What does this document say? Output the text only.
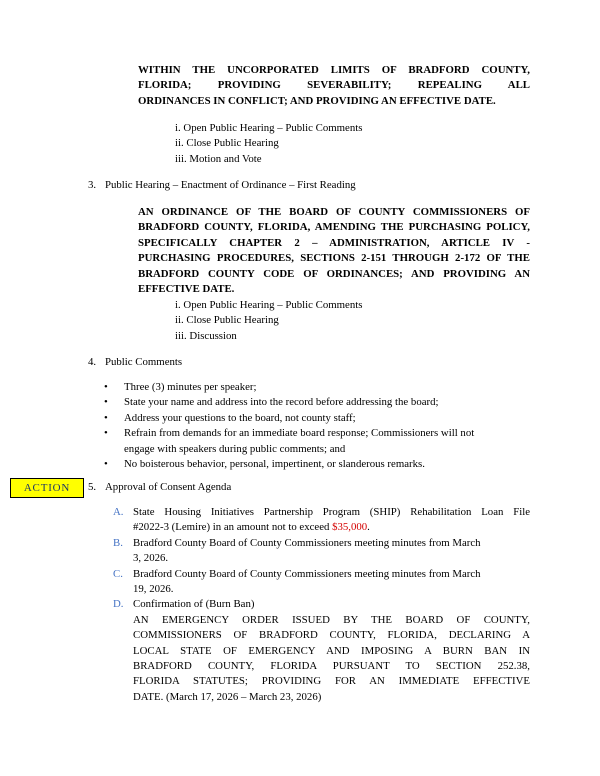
WITHIN THE UNCORPORATED LIMITS OF BRADFORD COUNTY,
FLORIDA; PROVIDING SEVERABILITY; REPEALING ALL
ORDINANCES IN CONFLICT; AND PROVIDING AN EFFECTIVE DATE.
i. Open Public Hearing – Public Comments
ii. Close Public Hearing
iii. Motion and Vote
3. Public Hearing – Enactment of Ordinance – First Reading
AN ORDINANCE OF THE BOARD OF COUNTY COMMISSIONERS OF
BRADFORD COUNTY, FLORIDA, AMENDING THE PURCHASING POLICY,
SPECIFICALLY CHAPTER 2 – ADMINISTRATION, ARTICLE IV -
PURCHASING PROCEDURES, SECTIONS 2-151 THROUGH 2-172 OF THE
BRADFORD COUNTY CODE OF ORDINANCES; AND PROVIDING AN
EFFECTIVE DATE.
i. Open Public Hearing – Public Comments
ii. Close Public Hearing
iii. Discussion
4. Public Comments
•	Three (3) minutes per speaker;
•	State your name and address into the record before addressing the board;
•	Address your questions to the board, not county staff;
•	Refrain from demands for an immediate board response; Commissioners will not
engage with speakers during public comments; and
•	No boisterous behavior, personal, impertinent, or slanderous remarks.
ACTION	5. Approval of Consent Agenda
A. State Housing Initiatives Partnership Program (SHIP) Rehabilitation Loan File
#2022-3 (Lemire) in an amount not to exceed $35,000.
B. Bradford County Board of County Commissioners meeting minutes from March
3, 2026.
C. Bradford County Board of County Commissioners meeting minutes from March
19, 2026.
D. Confirmation of (Burn Ban)
AN EMERGENCY ORDER ISSUED BY THE BOARD OF COUNTY,
COMMISSIONERS OF BRADFORD COUNTY, FLORIDA, DECLARING A
LOCAL STATE OF EMERGENCY AND IMPOSING A BURN BAN IN
BRADFORD COUNTY, FLORIDA PURSUANT TO SECTION 252.38,
FLORIDA STATUTES; PROVIDING FOR AN IMMEDIATE EFFECTIVE
DATE. (March 17, 2026 – March 23, 2026)
